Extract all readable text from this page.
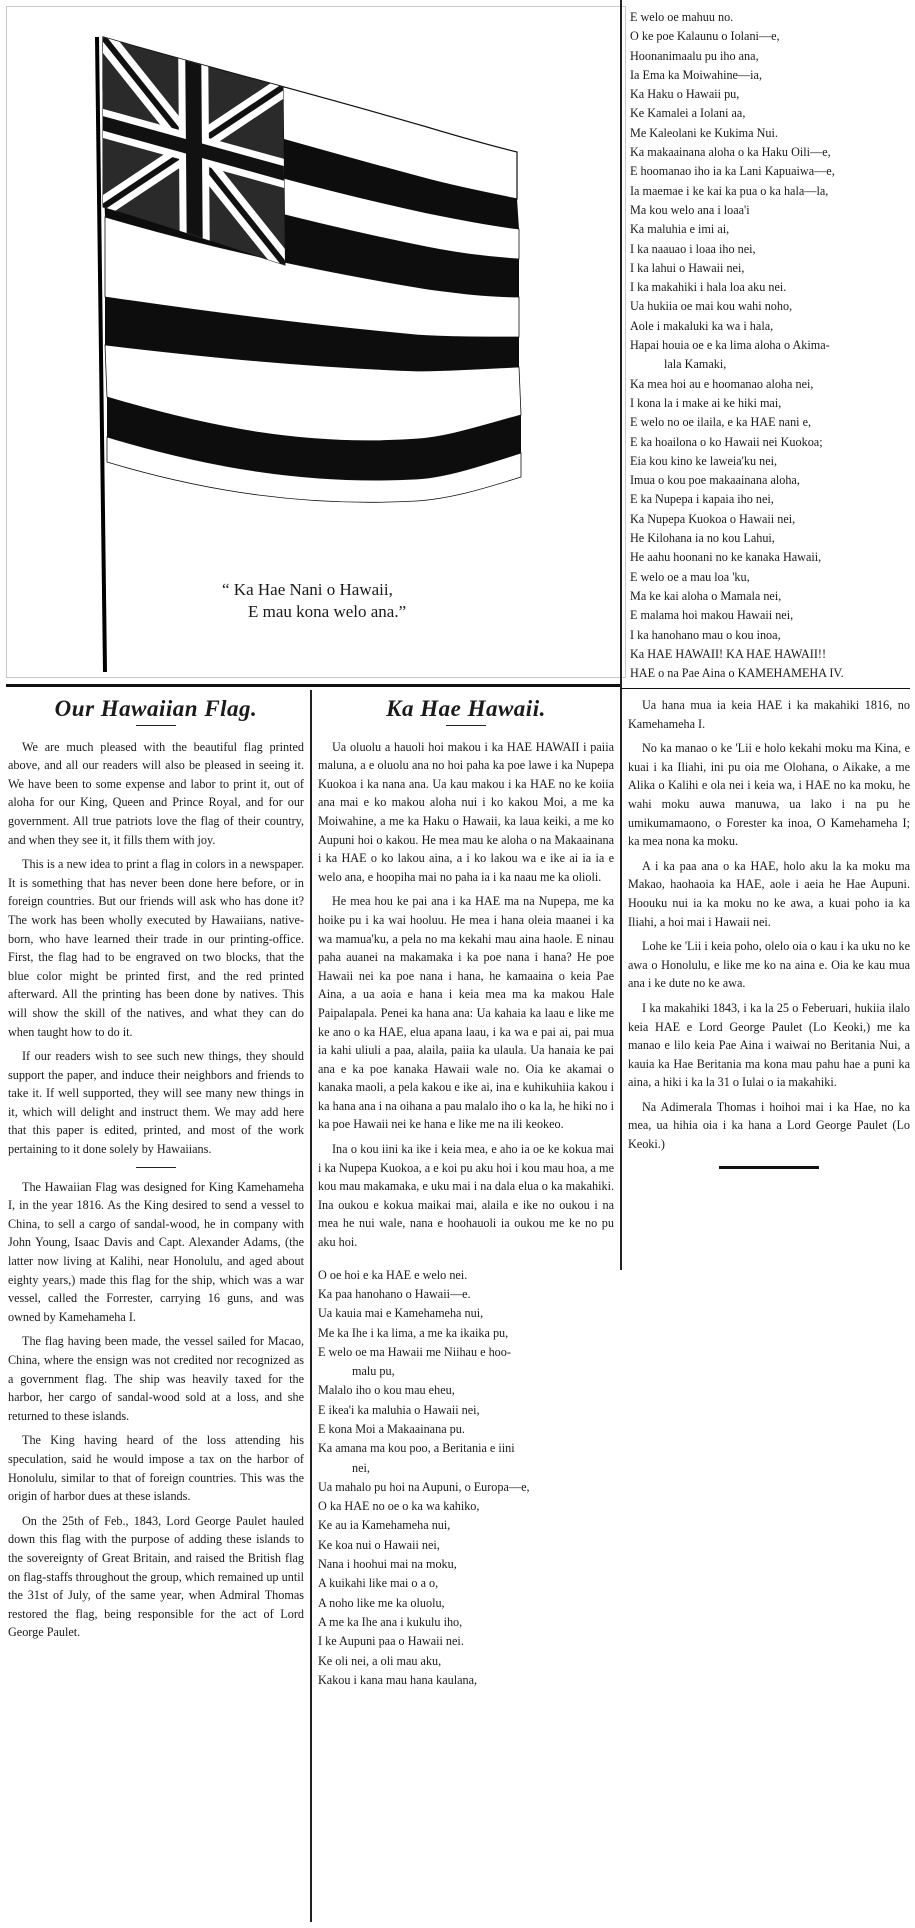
“ Ka Hae Nani o Hawaii,
E mau kona welo ana.”
E welo oe mahuu no.
O ke poe Kalaunu o Iolani—e,
Hoonanimaalu pu iho ana,
Ia Ema ka Moiwahine—ia,
Ka Haku o Hawaii pu,
Ke Kamalei a Iolani aa,
Me Kaleolani ke Kukima Nui.
Ka makaainana aloha o ka Haku Oili—e,
E hoomanao iho ia ka Lani Kapuaiwa—e,
Ia maemae i ke kai ka pua o ka hala—la,
Ma kou welo ana i loaa'i
Ka maluhia e imi ai,
I ka naauao i loaa iho nei,
I ka lahui o Hawaii nei,
I ka makahiki i hala loa aku nei.
Ua hukiia oe mai kou wahi noho,
Aole i makaluki ka wa i hala,
Hapai houia oe e ka lima aloha o Akima-
lala Kamaki,
Ka mea hoi au e hoomanao aloha nei,
I kona la i make ai ke hiki mai,
E welo no oe ilaila, e ka HAE nani e,
E ka hoailona o ko Hawaii nei Kuokoa;
Eia kou kino ke laweia'ku nei,
Imua o kou poe makaainana aloha,
E ka Nupepa i kapaia iho nei,
Ka Nupepa Kuokoa o Hawaii nei,
He Kilohana ia no kou Lahui,
He aahu hoonani no ke kanaka Hawaii,
E welo oe a mau loa 'ku,
Ma ke kai aloha o Mamala nei,
E malama hoi makou Hawaii nei,
I ka hanohano mau o kou inoa,
Ka HAE HAWAII! KA HAE HAWAII!!
HAE o na Pae Aina o KAMEHAMEHA IV.
Our Hawaiian Flag.

We are much pleased with the beautiful flag printed above, and all our readers will also be pleased in seeing it. We have been to some expense and labor to print it, out of aloha for our King, Queen and Prince Royal, and for our government. All true patriots love the flag of their country, and when they see it, it fills them with joy.

This is a new idea to print a flag in colors in a newspaper. It is something that has never been done here before, or in foreign countries. But our friends will ask who has done it? The work has been wholly executed by Hawaiians, native-born, who have learned their trade in our printing-office. First, the flag had to be engraved on two blocks, that the blue color might be printed first, and the red printed afterward. All the printing has been done by natives. This will show the skill of the natives, and what they can do when taught how to do it.

If our readers wish to see such new things, they should support the paper, and induce their neighbors and friends to take it. If well supported, they will see many new things in it, which will delight and instruct them. We may add here that this paper is edited, printed, and most of the work pertaining to it done solely by Hawaiians.

The Hawaiian Flag was designed for King Kamehameha I, in the year 1816. As the King desired to send a vessel to China, to sell a cargo of sandal-wood, he in company with John Young, Isaac Davis and Capt. Alexander Adams, (the latter now living at Kalihi, near Honolulu, and aged about eighty years,) made this flag for the ship, which was a war vessel, called the Forrester, carrying 16 guns, and was owned by Kamehameha I.

The flag having been made, the vessel sailed for Macao, China, where the ensign was not credited nor recognized as a government flag. The ship was heavily taxed for the harbor, her cargo of sandal-wood sold at a loss, and she returned to these islands.

The King having heard of the loss attending his speculation, said he would impose a tax on the harbor of Honolulu, similar to that of foreign countries. This was the origin of harbor dues at these islands.

On the 25th of Feb., 1843, Lord George Paulet hauled down this flag with the purpose of adding these islands to the sovereignty of Great Britain, and raised the British flag on flag-staffs throughout the group, which remained up until the 31st of July, of the same year, when Admiral Thomas restored the flag, being responsible for the act of Lord George Paulet.

Ka Hae Hawaii.

Ua oluolu a hauoli hoi makou i ka HAE HAWAII i paiia maluna, a e oluolu ana no hoi paha ka poe lawe i ka Nupepa Kuokoa i ka nana ana. Ua kau makou i ka HAE no ke koiia ana mai e ko makou aloha nui i ko kakou Moi, a me ka Moiwahine, a me ka Haku o Hawaii, ka laua keiki, a me ko Aupuni hoi o kakou. He mea mau ke aloha o na Makaainana i ka HAE o ko lakou aina, a i ko lakou wa e ike ai ia ia e welo ana, e hoopiha mai no paha ia i ka naau me ka olioli.

He mea hou ke pai ana i ka HAE ma na Nupepa, me ka hoike pu i ka wai hooluu. He mea i hana oleia maanei i ka wa mamua'ku, a pela no ma kekahi mau aina haole. E ninau paha auanei na makamaka i ka poe nana i hana? He poe Hawaii nei ka poe nana i hana, he kamaaina o keia Pae Aina, a ua aoia e hana i keia mea ma ka makou Hale Paipalapala. Penei ka hana ana: Ua kahaia ka laau e like me ke ano o ka HAE, elua apana laau, i ka wa e pai ai, pai mua ia kahi uliuli a paa, alaila, paiia ka ulaula. Ua hanaia ke pai ana e ka poe kanaka Hawaii wale no. Oia ke akamai o kanaka maoli, a pela kakou e ike ai, ina e kuhikuhiia kakou i ka hana ana i na oihana a pau malalo iho o ka la, he hiki no i ka poe Hawaii nei ke hana e like me na ili keokeo.

Ina o kou iini ka ike i keia mea, e aho ia oe ke kokua mai i ka Nupepa Kuokoa, a e koi pu aku hoi i kou mau hoa, a me kou mau makamaka, e uku mai i na dala elua o ka makahiki. Ina oukou e kokua maikai mai, alaila e ike no oukou i na mea he nui wale, nana e hoohauoli ia oukou me ke no pu aku hoi.

O oe hoi e ka HAE e welo nei.
Ka paa hanohano o Hawaii—e.
Ua kauia mai e Kamehameha nui,
Me ka Ihe i ka lima, a me ka ikaika pu,
E welo oe ma Hawaii me Niihau e hoo-
malu pu,
Malalo iho o kou mau eheu,
E ikea'i ka maluhia o Hawaii nei,
E kona Moi a Makaainana pu.
Ka amana ma kou poo, a Beritania e iini
nei,
Ua mahalo pu hoi na Aupuni, o Europa—e,
O ka HAE no oe o ka wa kahiko,
Ke au ia Kamehameha nui,
Ke koa nui o Hawaii nei,
Nana i hoohui mai na moku,
A kuikahi like mai o a o,
A noho like me ka oluolu,
A me ka Ihe ana i kukulu iho,
I ke Aupuni paa o Hawaii nei.
Ke oli nei, a oli mau aku,
Kakou i kana mau hana kaulana,

Ua hana mua ia keia HAE i ka makahiki 1816, no Kamehameha I.

No ka manao o ke 'Lii e holo kekahi moku ma Kina, e kuai i ka Iliahi, ini pu oia me Olohana, o Aikake, a me Alika o Kalihi e ola nei i keia wa, i HAE no ka moku, he wahi moku auwa manuwa, ua lako i na pu he umikumamaono, o Forester ka inoa, O Kamehameha I; ka mea nona ka moku.

A i ka paa ana o ka HAE, holo aku la ka moku ma Makao, haohaoia ka HAE, aole i aeia he Hae Aupuni. Hoouku nui ia ka moku no ke awa, a kuai poho ia ka Iliahi, a hoi mai i Hawaii nei.

Lohe ke 'Lii i keia poho, olelo oia o kau i ka uku no ke awa o Honolulu, e like me ko na aina e. Oia ke kau mua ana i ke dute no ke awa.

I ka makahiki 1843, i ka la 25 o Feberuari, hukiia ilalo keia HAE e Lord George Paulet (Lo Keoki,) me ka manao e lilo keia Pae Aina i waiwai no Beritania Nui, a kauia ka Hae Beritania ma kona mau pahu hae a puni ka aina, a hiki i ka la 31 o Iulai o ia makahiki.

Na Adimerala Thomas i hoihoi mai i ka Hae, no ka mea, ua hihia oia i ka hana a Lord George Paulet (Lo Keoki.)
